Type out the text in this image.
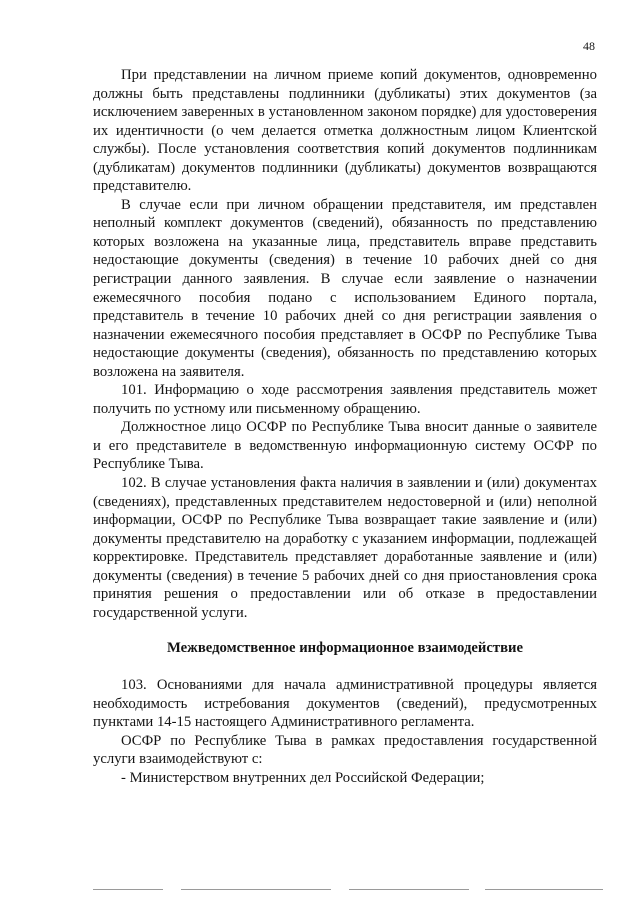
48

При представлении на личном приеме копий документов, одновременно должны быть представлены подлинники (дубликаты) этих документов (за исключением заверенных в установленном законом порядке) для удостоверения их идентичности (о чем делается отметка должностным лицом Клиентской службы). После установления соответствия копий документов подлинникам (дубликатам) документов подлинники (дубликаты) документов возвращаются представителю.

В случае если при личном обращении представителя, им представлен неполный комплект документов (сведений), обязанность по представлению которых возложена на указанные лица, представитель вправе представить недостающие документы (сведения) в течение 10 рабочих дней со дня регистрации данного заявления. В случае если заявление о назначении ежемесячного пособия подано с использованием Единого портала, представитель в течение 10 рабочих дней со дня регистрации заявления о назначении ежемесячного пособия представляет в ОСФР по Республике Тыва недостающие документы (сведения), обязанность по представлению которых возложена на заявителя.

101. Информацию о ходе рассмотрения заявления представитель может получить по устному или письменному обращению.

Должностное лицо ОСФР по Республике Тыва вносит данные о заявителе и его представителе в ведомственную информационную систему ОСФР по Республике Тыва.

102. В случае установления факта наличия в заявлении и (или) документах (сведениях), представленных представителем недостоверной и (или) неполной информации, ОСФР по Республике Тыва возвращает такие заявление и (или) документы представителю на доработку с указанием информации, подлежащей корректировке. Представитель представляет доработанные заявление и (или) документы (сведения) в течение 5 рабочих дней со дня приостановления срока принятия решения о предоставлении или об отказе в предоставлении государственной услуги.

Межведомственное информационное взаимодействие

103. Основаниями для начала административной процедуры является необходимость истребования документов (сведений), предусмотренных пунктами 14-15 настоящего Административного регламента.

ОСФР по Республике Тыва в рамках предоставления государственной услуги взаимодействуют с:

- Министерством внутренних дел Российской Федерации;
